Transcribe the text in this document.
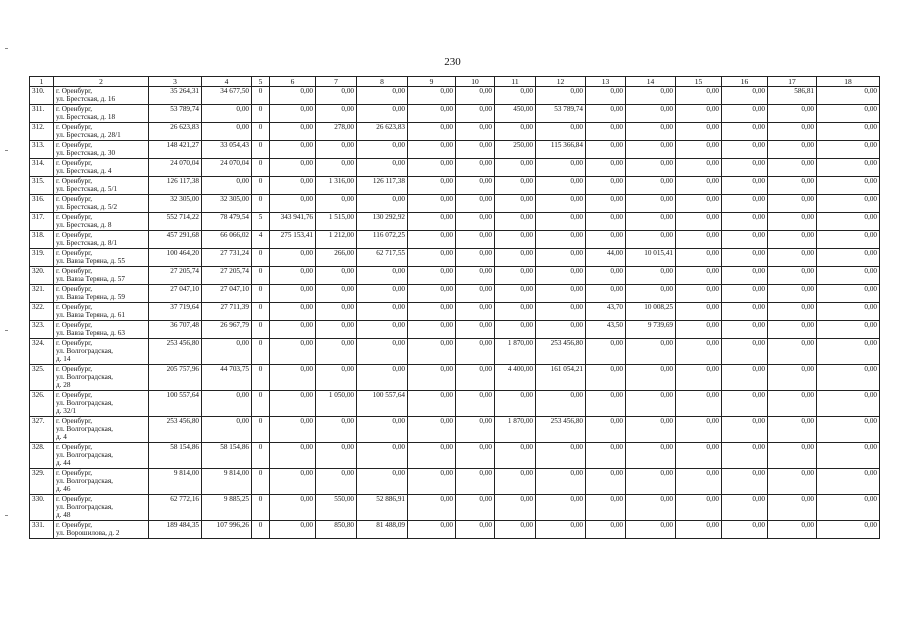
230
1	2	3	4	5	6	7	8	9	10	11	12	13	14	15	16	17	18
310.	г. Оренбург,
ул. Брестская, д. 16	35 264,31	34 677,50	0	0,00	0,00	0,00	0,00	0,00	0,00	0,00	0,00	0,00	0,00	0,00	586,81	0,00
311.	г. Оренбург,
ул. Брестская, д. 18	53 789,74	0,00	0	0,00	0,00	0,00	0,00	0,00	450,00	53 789,74	0,00	0,00	0,00	0,00	0,00	0,00
312.	г. Оренбург,
ул. Брестская, д. 28/1	26 623,83	0,00	0	0,00	278,00	26 623,83	0,00	0,00	0,00	0,00	0,00	0,00	0,00	0,00	0,00	0,00
313.	г. Оренбург,
ул. Брестская, д. 30	148 421,27	33 054,43	0	0,00	0,00	0,00	0,00	0,00	250,00	115 366,84	0,00	0,00	0,00	0,00	0,00	0,00
314.	г. Оренбург,
ул. Брестская, д. 4	24 070,04	24 070,04	0	0,00	0,00	0,00	0,00	0,00	0,00	0,00	0,00	0,00	0,00	0,00	0,00	0,00
315.	г. Оренбург,
ул. Брестская, д. 5/1	126 117,38	0,00	0	0,00	1 316,00	126 117,38	0,00	0,00	0,00	0,00	0,00	0,00	0,00	0,00	0,00	0,00
316.	г. Оренбург,
ул. Брестская, д. 5/2	32 305,00	32 305,00	0	0,00	0,00	0,00	0,00	0,00	0,00	0,00	0,00	0,00	0,00	0,00	0,00	0,00
317.	г. Оренбург,
ул. Брестская, д. 8	552 714,22	78 479,54	5	343 941,76	1 515,00	130 292,92	0,00	0,00	0,00	0,00	0,00	0,00	0,00	0,00	0,00	0,00
318.	г. Оренбург,
ул. Брестская, д. 8/1	457 291,68	66 066,02	4	275 153,41	1 212,00	116 072,25	0,00	0,00	0,00	0,00	0,00	0,00	0,00	0,00	0,00	0,00
319.	г. Оренбург,
ул. Вавза Теряна, д. 55	100 464,20	27 731,24	0	0,00	266,00	62 717,55	0,00	0,00	0,00	0,00	44,00	10 015,41	0,00	0,00	0,00	0,00
320.	г. Оренбург,
ул. Вавза Теряна, д. 57	27 205,74	27 205,74	0	0,00	0,00	0,00	0,00	0,00	0,00	0,00	0,00	0,00	0,00	0,00	0,00	0,00
321.	г. Оренбург,
ул. Вавза Теряна, д. 59	27 047,10	27 047,10	0	0,00	0,00	0,00	0,00	0,00	0,00	0,00	0,00	0,00	0,00	0,00	0,00	0,00
322.	г. Оренбург,
ул. Вавза Теряна, д. 61	37 719,64	27 711,39	0	0,00	0,00	0,00	0,00	0,00	0,00	0,00	43,70	10 008,25	0,00	0,00	0,00	0,00
323.	г. Оренбург,
ул. Вавза Теряна, д. 63	36 707,48	26 967,79	0	0,00	0,00	0,00	0,00	0,00	0,00	0,00	43,50	9 739,69	0,00	0,00	0,00	0,00
324.	г. Оренбург,
ул. Волгоградская,
д. 14	253 456,80	0,00	0	0,00	0,00	0,00	0,00	0,00	1 870,00	253 456,80	0,00	0,00	0,00	0,00	0,00	0,00
325.	г. Оренбург,
ул. Волгоградская,
д. 28	205 757,96	44 703,75	0	0,00	0,00	0,00	0,00	0,00	4 400,00	161 054,21	0,00	0,00	0,00	0,00	0,00	0,00
326.	г. Оренбург,
ул. Волгоградская,
д. 32/1	100 557,64	0,00	0	0,00	1 050,00	100 557,64	0,00	0,00	0,00	0,00	0,00	0,00	0,00	0,00	0,00	0,00
327.	г. Оренбург,
ул. Волгоградская,
д. 4	253 456,80	0,00	0	0,00	0,00	0,00	0,00	0,00	1 870,00	253 456,80	0,00	0,00	0,00	0,00	0,00	0,00
328.	г. Оренбург,
ул. Волгоградская,
д. 44	58 154,86	58 154,86	0	0,00	0,00	0,00	0,00	0,00	0,00	0,00	0,00	0,00	0,00	0,00	0,00	0,00
329.	г. Оренбург,
ул. Волгоградская,
д. 46	9 814,00	9 814,00	0	0,00	0,00	0,00	0,00	0,00	0,00	0,00	0,00	0,00	0,00	0,00	0,00	0,00
330.	г. Оренбург,
ул. Волгоградская,
д. 48	62 772,16	9 885,25	0	0,00	550,00	52 886,91	0,00	0,00	0,00	0,00	0,00	0,00	0,00	0,00	0,00	0,00
331.	г. Оренбург,
ул. Ворошилова, д. 2	189 484,35	107 996,26	0	0,00	850,80	81 488,09	0,00	0,00	0,00	0,00	0,00	0,00	0,00	0,00	0,00	0,00
